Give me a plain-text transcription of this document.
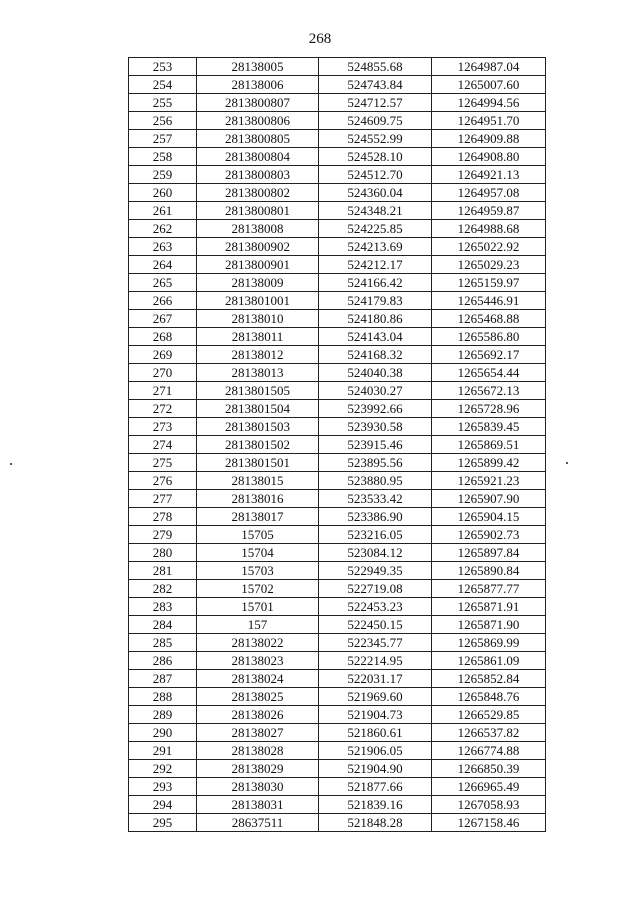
268
253	28138005	524855.68	1264987.04
254	28138006	524743.84	1265007.60
255	2813800807	524712.57	1264994.56
256	2813800806	524609.75	1264951.70
257	2813800805	524552.99	1264909.88
258	2813800804	524528.10	1264908.80
259	2813800803	524512.70	1264921.13
260	2813800802	524360.04	1264957.08
261	2813800801	524348.21	1264959.87
262	28138008	524225.85	1264988.68
263	2813800902	524213.69	1265022.92
264	2813800901	524212.17	1265029.23
265	28138009	524166.42	1265159.97
266	2813801001	524179.83	1265446.91
267	28138010	524180.86	1265468.88
268	28138011	524143.04	1265586.80
269	28138012	524168.32	1265692.17
270	28138013	524040.38	1265654.44
271	2813801505	524030.27	1265672.13
272	2813801504	523992.66	1265728.96
273	2813801503	523930.58	1265839.45
274	2813801502	523915.46	1265869.51
275	2813801501	523895.56	1265899.42
276	28138015	523880.95	1265921.23
277	28138016	523533.42	1265907.90
278	28138017	523386.90	1265904.15
279	15705	523216.05	1265902.73
280	15704	523084.12	1265897.84
281	15703	522949.35	1265890.84
282	15702	522719.08	1265877.77
283	15701	522453.23	1265871.91
284	157	522450.15	1265871.90
285	28138022	522345.77	1265869.99
286	28138023	522214.95	1265861.09
287	28138024	522031.17	1265852.84
288	28138025	521969.60	1265848.76
289	28138026	521904.73	1266529.85
290	28138027	521860.61	1266537.82
291	28138028	521906.05	1266774.88
292	28138029	521904.90	1266850.39
293	28138030	521877.66	1266965.49
294	28138031	521839.16	1267058.93
295	28637511	521848.28	1267158.46
